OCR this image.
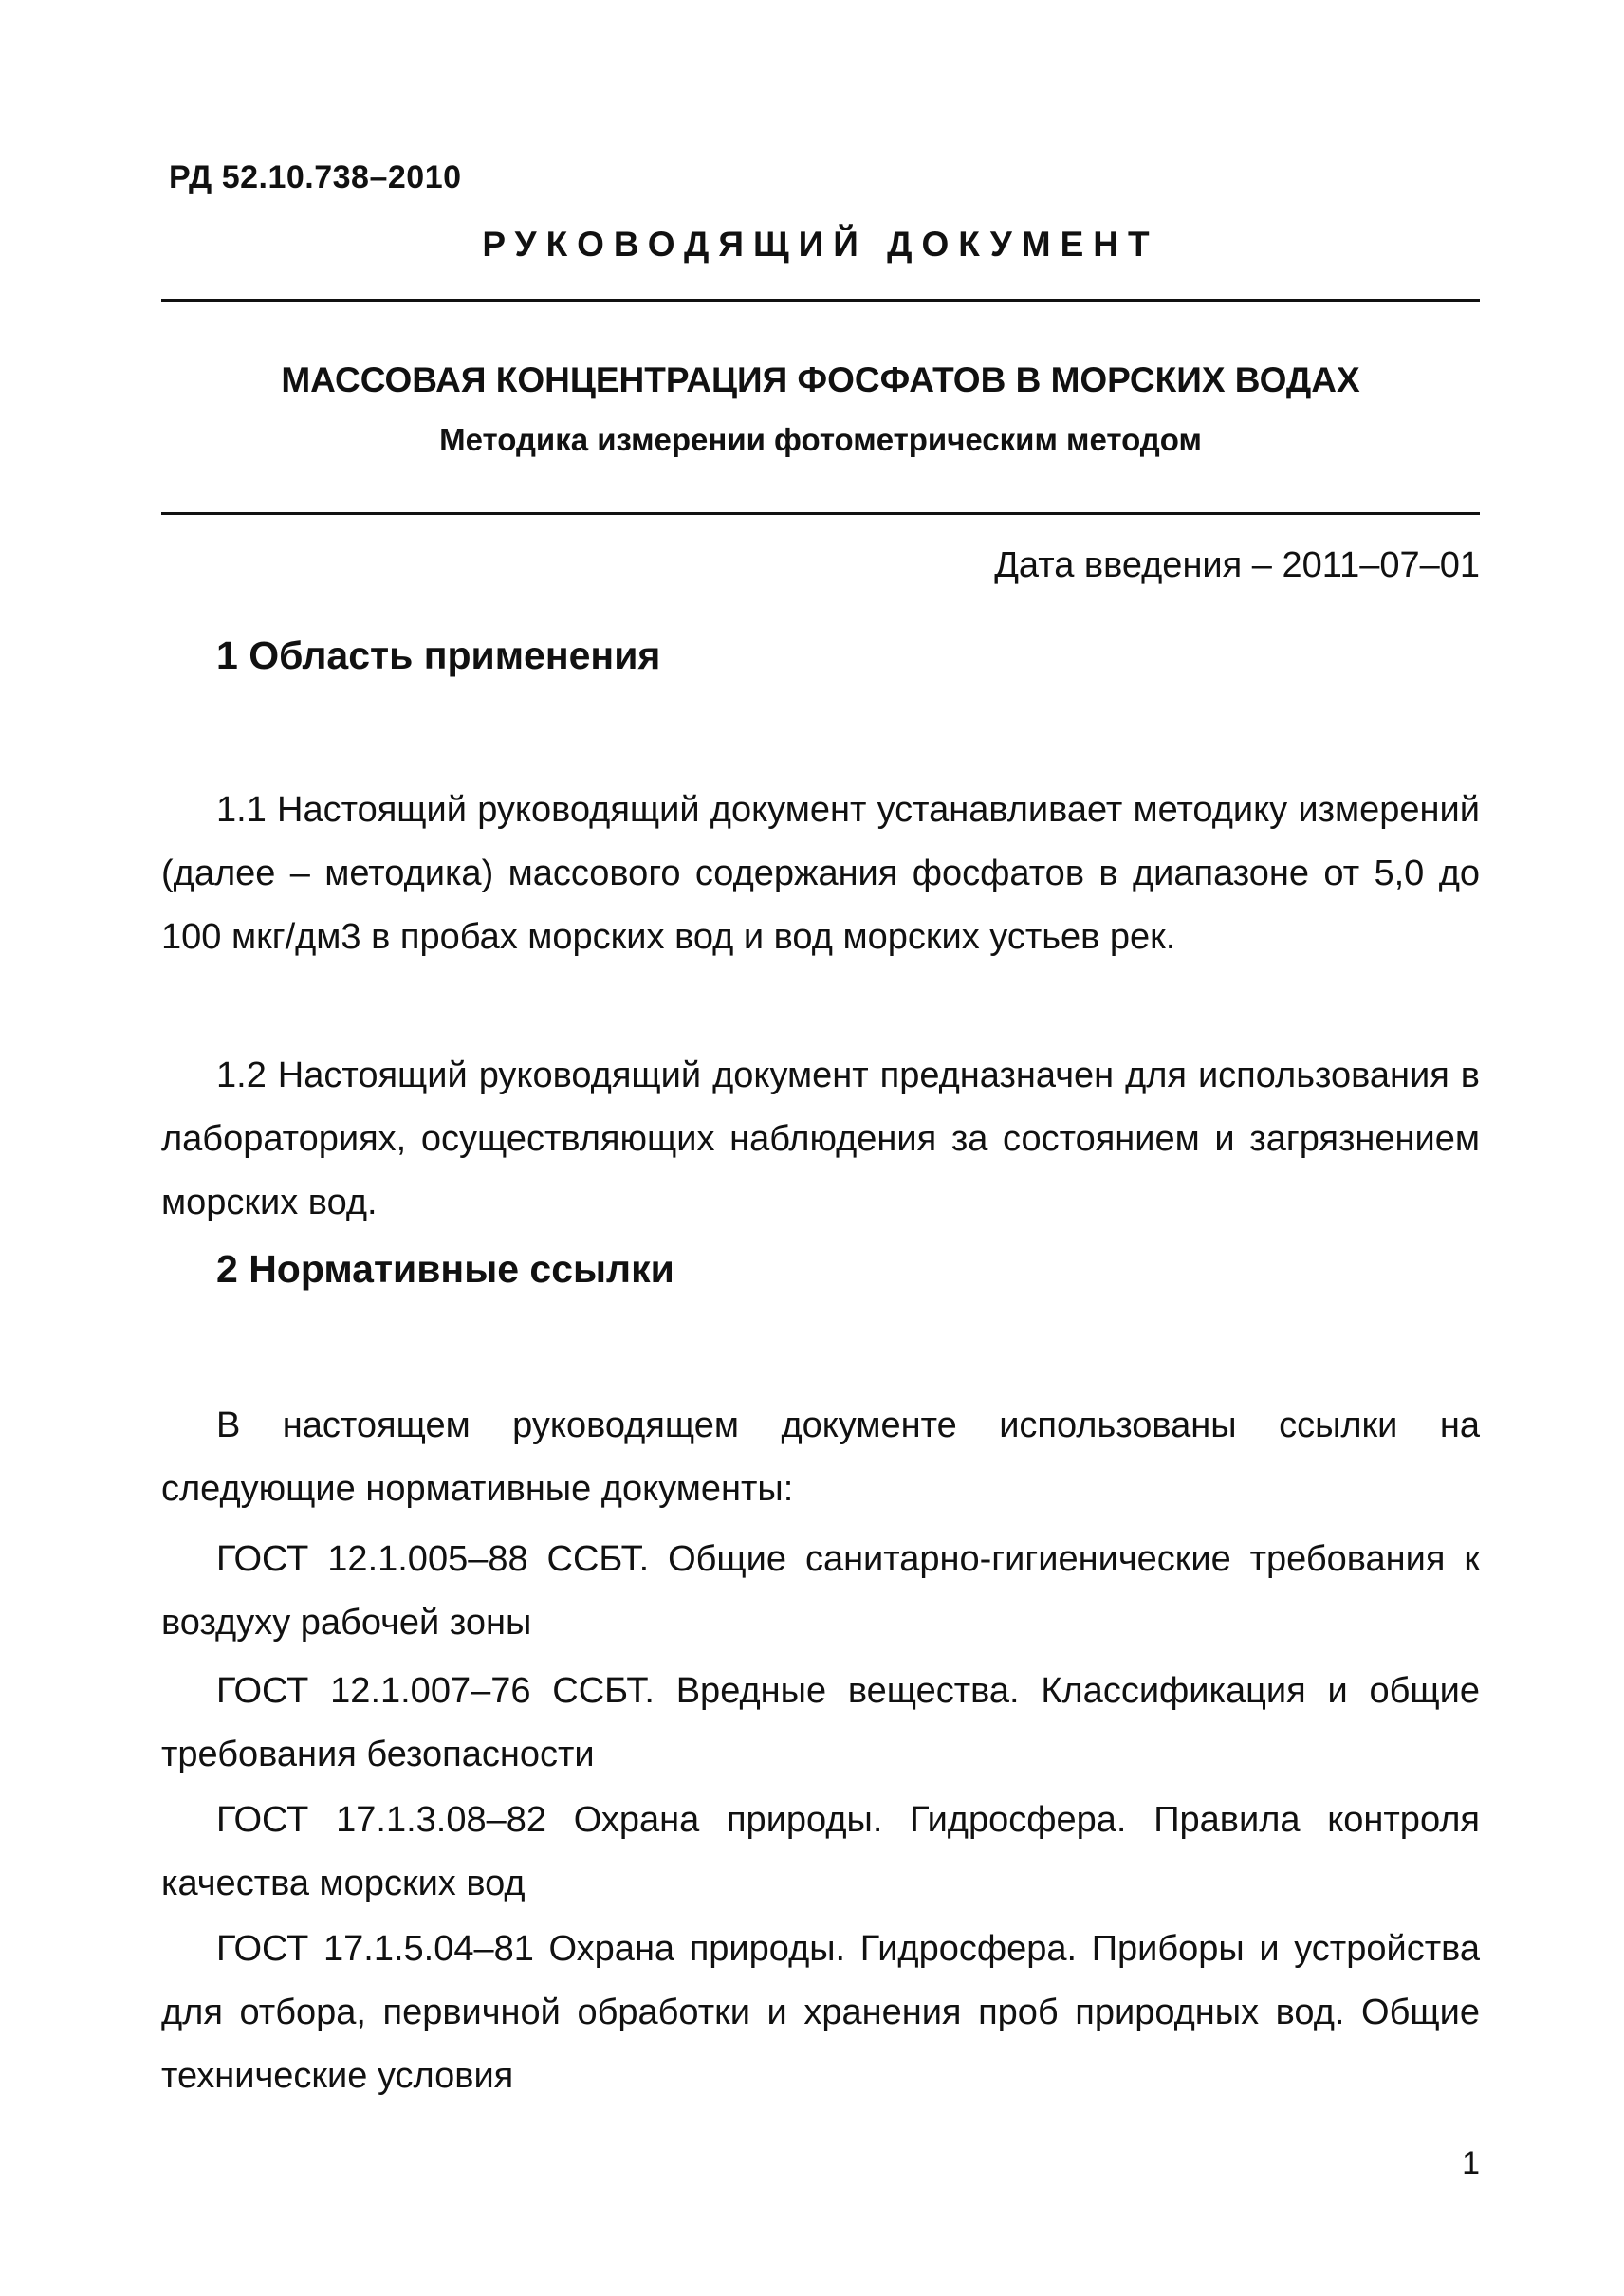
РД 52.10.738–2010
РУКОВОДЯЩИЙ ДОКУМЕНТ
МАССОВАЯ КОНЦЕНТРАЦИЯ ФОСФАТОВ В МОРСКИХ ВОДАХ
Методика измерении фотометрическим методом
Дата введения – 2011–07–01
1 Область применения

1.1 Настоящий руководящий документ устанавливает методику измерений (далее – методика) массового содержания фосфатов в диапазоне от 5,0 до 100 мкг/дм3 в пробах морских вод и вод морских устьев рек.

1.2 Настоящий руководящий документ предназначен для использования в лабораториях, осуществляющих наблюдения за состоянием и загрязнением морских вод.

2 Нормативные ссылки

В настоящем руководящем документе использованы ссылки на следующие нормативные документы:

ГОСТ 12.1.005–88 ССБТ. Общие санитарно-гигиенические требования к воздуху рабочей зоны

ГОСТ 12.1.007–76 ССБТ. Вредные вещества. Классификация и общие требования безопасности

ГОСТ 17.1.3.08–82 Охрана природы. Гидросфера. Правила контроля качества морских вод

ГОСТ 17.1.5.04–81 Охрана природы. Гидросфера. Приборы и устройства для отбора, первичной обработки и хранения проб природных вод. Общие технические условия

1
